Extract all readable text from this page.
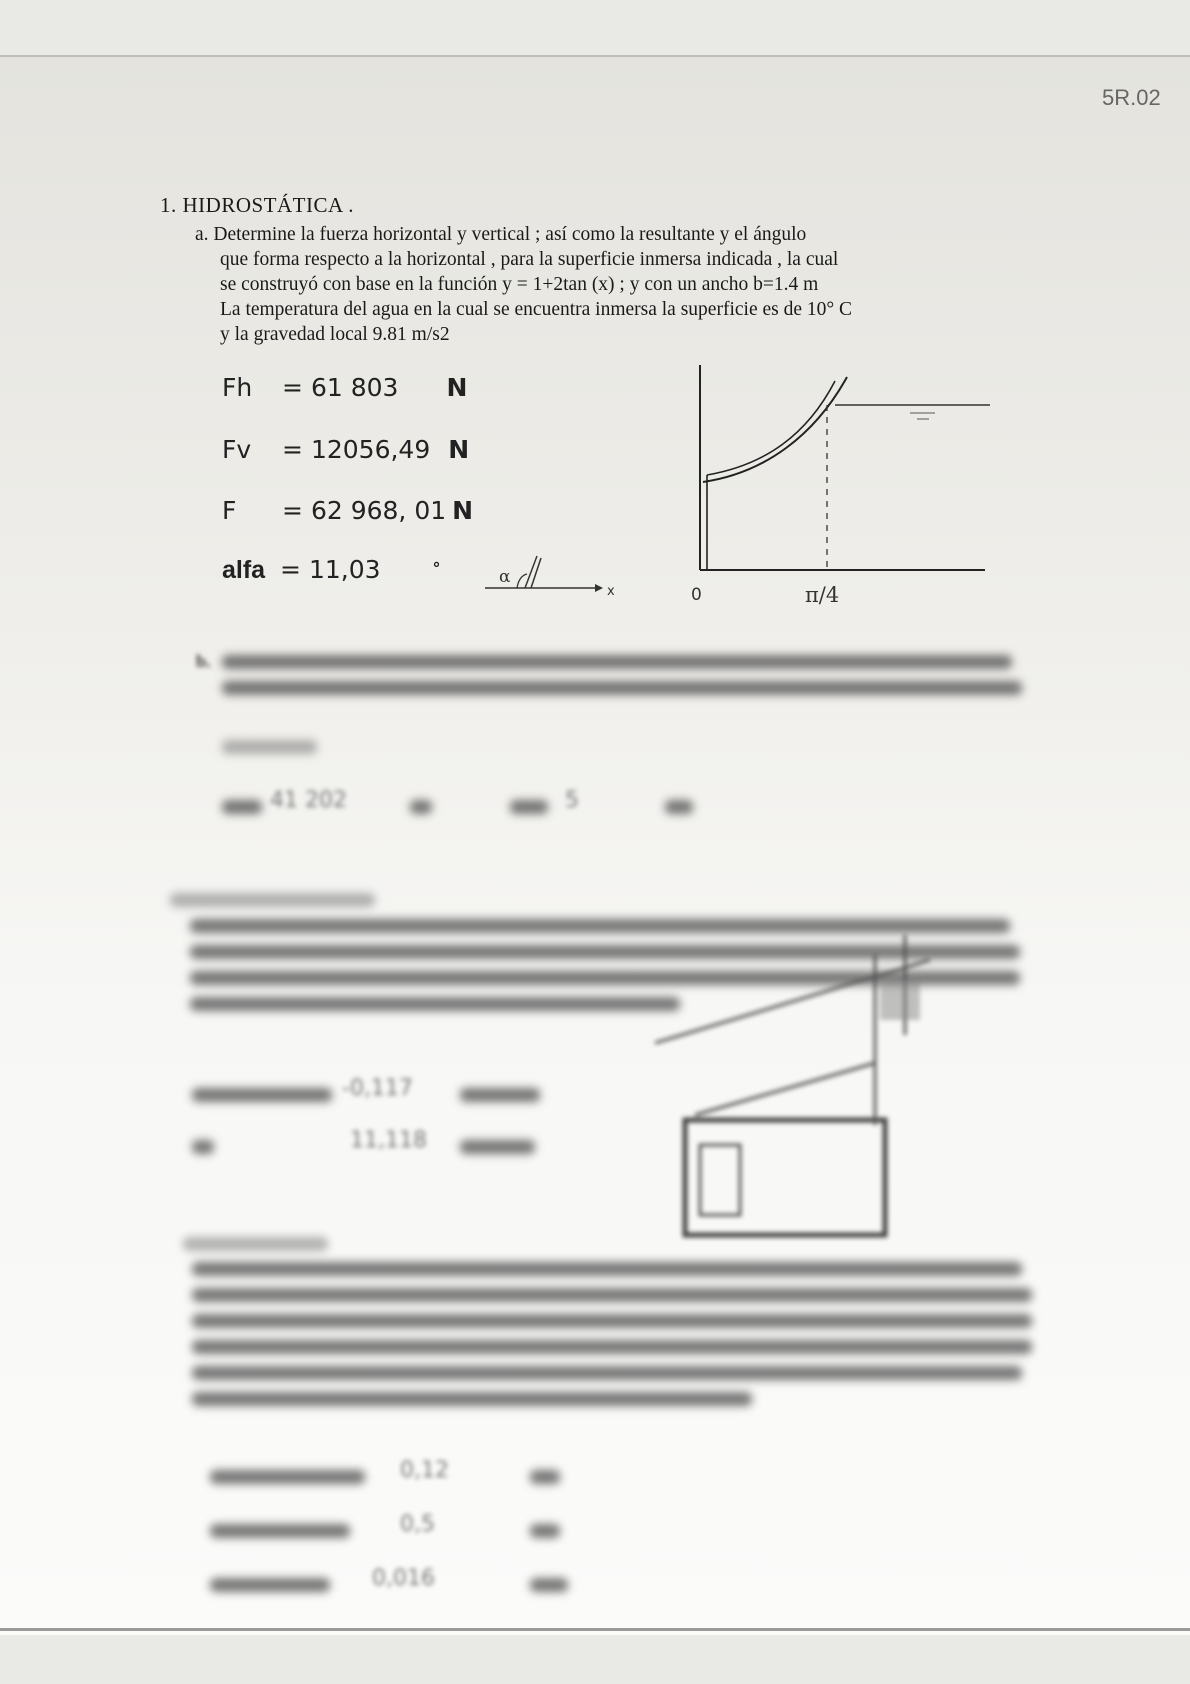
5R.02
1. HIDROSTÁTICA .
a. Determine la fuerza horizontal y vertical ; así como la resultante y el ángulo
que forma respecto a la horizontal , para la superficie inmersa indicada , la cual
se construyó con base en la función y = 1+2tan (x) ; y con un ancho b=1.4 m
La temperatura del agua en la cual se encuentra inmersa la superficie es de 10° C
y la gravedad local 9.81 m/s2
Fh = 61 803 N
Fv = 12056,49 N
F = 62 968, 01 N
alfa = 11,03	°	α
x	0	π/4
b.
41 202	5
-0,117
11,118
0,12
0,5
0,016
